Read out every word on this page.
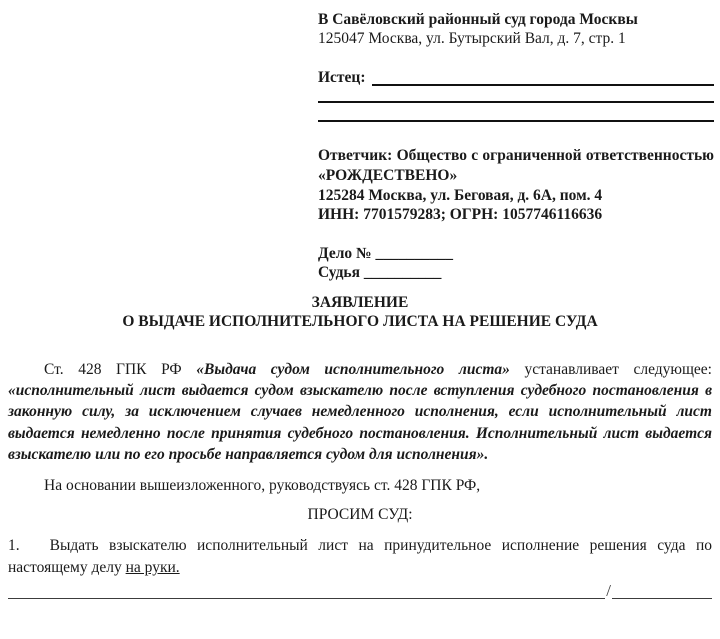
В Савёловский районный суд города Москвы
125047 Москва, ул. Бутырский Вал, д. 7, стр. 1
Истец:

Ответчик: Общество с ограниченной ответственностью «РОЖДЕСТВЕНО»

125284 Москва, ул. Беговая, д. 6А, пом. 4
ИНН: 7701579283; ОГРН: 1057746116636
Дело № __________
Судья __________
ЗАЯВЛЕНИЕ
О ВЫДАЧЕ ИСПОЛНИТЕЛЬНОГО ЛИСТА НА РЕШЕНИЕ СУДА

Ст. 428 ГПК РФ «Выдача судом исполнительного листа» устанавливает следующее: «исполнительный лист выдается судом взыскателю после вступления судебного постановления в законную силу, за исключением случаев немедленного исполнения, если исполнительный лист выдается немедленно после принятия судебного постановления. Исполнительный лист выдается взыскателю или по его просьбе направляется судом для исполнения».

На основании вышеизложенного, руководствуясь ст. 428 ГПК РФ,

ПРОСИМ СУД:

1. Выдать взыскателю исполнительный лист на принудительное исполнение решения суда по настоящему делу на руки.

/
